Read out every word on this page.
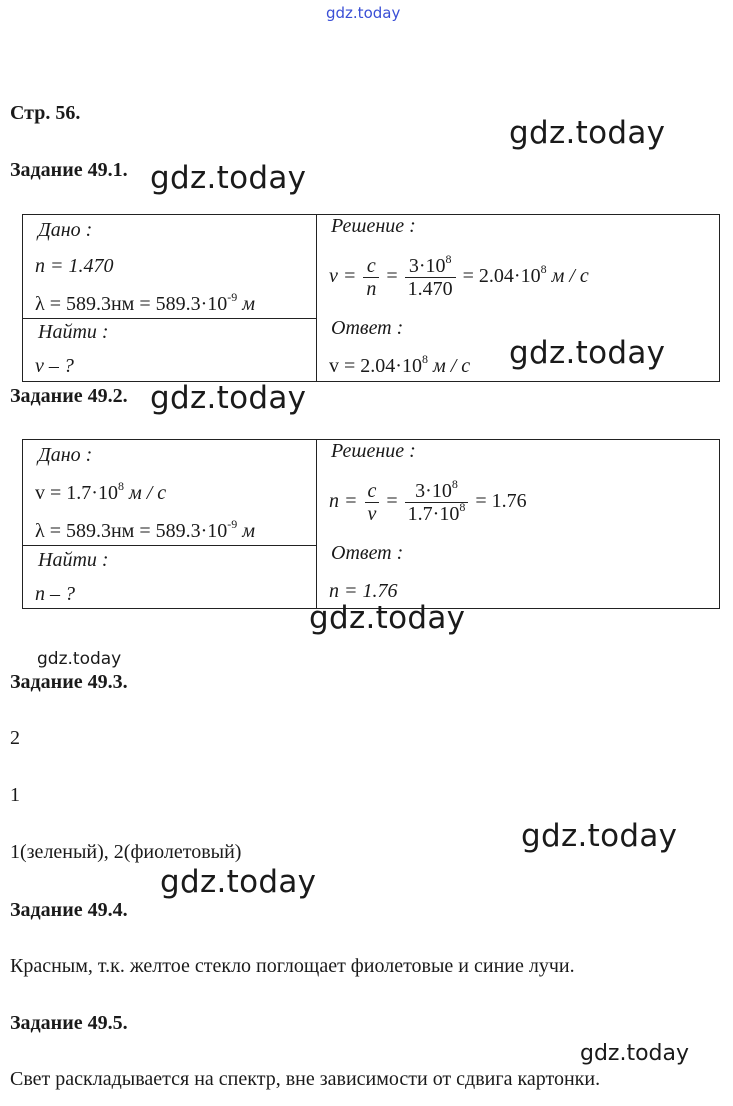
gdz.today
Стр. 56.
gdz.today
Задание 49.1. gdz.today
Дано :
n = 1.470
$\lambda = 589.3нм = 589.3\cdot 10^{-9}$ м
Найти :
v – ?
Решение :
$v = \frac{c}{n} = \frac{3\cdot 10^8}{1.470} = 2.04\cdot 10^8$ м / с
Ответ :
$v = 2.04\cdot 10^8$ м / с gdz.today
Задание 49.2. gdz.today
Дано :
$v = 1.7\cdot 10^8$ м / с
$\lambda = 589.3нм = 589.3\cdot 10^{-9}$ м
Найти :
n – ?
Решение :
$n = \frac{c}{v} = \frac{3\cdot 10^8}{1.7\cdot 10^8} = 1.76$
Ответ :
n = 1.76
gdz.today
gdz.today
Задание 49.3.
2
1
1(зеленый), 2(фиолетовый)	gdz.today
gdz.today
Задание 49.4.
Красным, т.к. желтое стекло поглощает фиолетовые и синие лучи.
Задание 49.5.
gdz.today
Свет раскладывается на спектр, вне зависимости от сдвига картонки.
